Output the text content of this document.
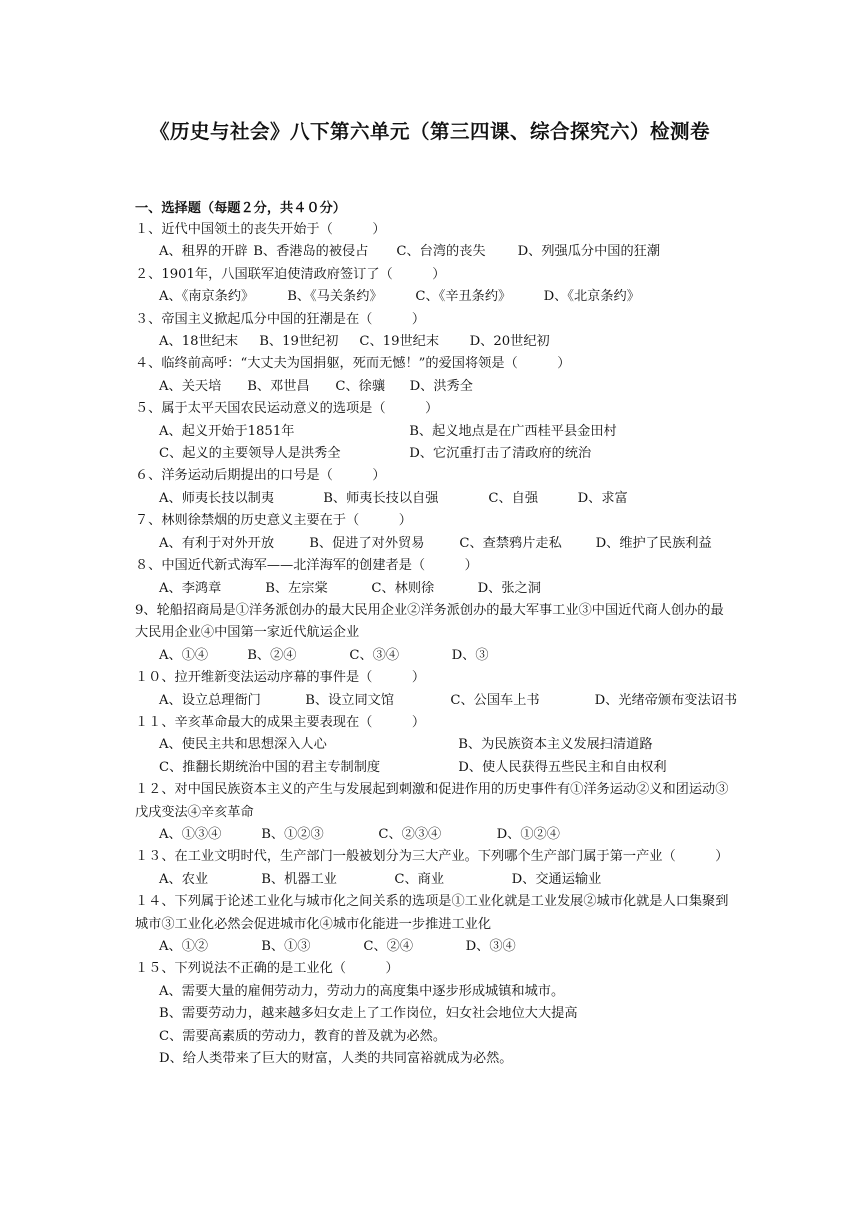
《历史与社会》八下第六单元（第三四课、综合探究六）检测卷
一、选择题（每题２分，共４０分）
１、近代中国领土的丧失开始于（　　　）
A、租界的开辟 B、香港岛的被侵占 C、台湾的丧失 D、列强瓜分中国的狂潮
２、1901年，八国联军迫使清政府签订了（　　　）
A、《南京条约》 B、《马关条约》 C、《辛丑条约》 D、《北京条约》
３、帝国主义掀起瓜分中国的狂潮是在（　　　）
A、18世纪末 B、19世纪初 C、19世纪末 D、20世纪初
４、临终前高呼：“大丈夫为国捐躯，死而无憾！”的爱国将领是（　　　）
A、关天培 B、邓世昌 C、徐骧 D、洪秀全
５、属于太平天国农民运动意义的选项是（　　　）
A、起义开始于1851年	B、起义地点是在广西桂平县金田村
C、起义的主要领导人是洪秀全	D、它沉重打击了清政府的统治
６、洋务运动后期提出的口号是（　　　）
A、师夷长技以制夷	B、师夷长技以自强	C、自强	D、求富
７、林则徐禁烟的历史意义主要在于（　　　）
A、有利于对外开放	B、促进了对外贸易	C、查禁鸦片走私	D、维护了民族利益
８、中国近代新式海军——北洋海军的创建者是（　　　）
A、李鸿章	B、左宗棠	C、林则徐	D、张之洞
9、轮船招商局是①洋务派创办的最大民用企业②洋务派创办的最大军事工业③中国近代商人创办的最大民用企业④中国第一家近代航运企业
A、①④	B、②④	C、③④	D、③
１０、拉开维新变法运动序幕的事件是（　　　）
A、设立总理衙门	B、设立同文馆	C、公国车上书	D、光绪帝颁布变法诏书
１１、辛亥革命最大的成果主要表现在（　　　）
A、使民主共和思想深入人心	B、为民族资本主义发展扫清道路
C、推翻长期统治中国的君主专制制度	D、使人民获得五些民主和自由权利
１２、对中国民族资本主义的产生与发展起到刺激和促进作用的历史事件有①洋务运动②义和团运动③戊戌变法④辛亥革命
A、①③④	B、①②③	C、②③④	D、①②④
１３、在工业文明时代，生产部门一般被划分为三大产业。下列哪个生产部门属于第一产业（　　　）
A、农业	B、机器工业	C、商业	D、交通运输业
１４、下列属于论述工业化与城市化之间关系的选项是①工业化就是工业发展②城市化就是人口集聚到城市③工业化必然会促进城市化④城市化能进一步推进工业化
A、①②	B、①③	C、②④	D、③④
１５、下列说法不正确的是工业化（　　　）
A、需要大量的雇佣劳动力，劳动力的高度集中逐步形成城镇和城市。
B、需要劳动力，越来越多妇女走上了工作岗位，妇女社会地位大大提高
C、需要高素质的劳动力，教育的普及就为必然。
D、给人类带来了巨大的财富，人类的共同富裕就成为必然。
